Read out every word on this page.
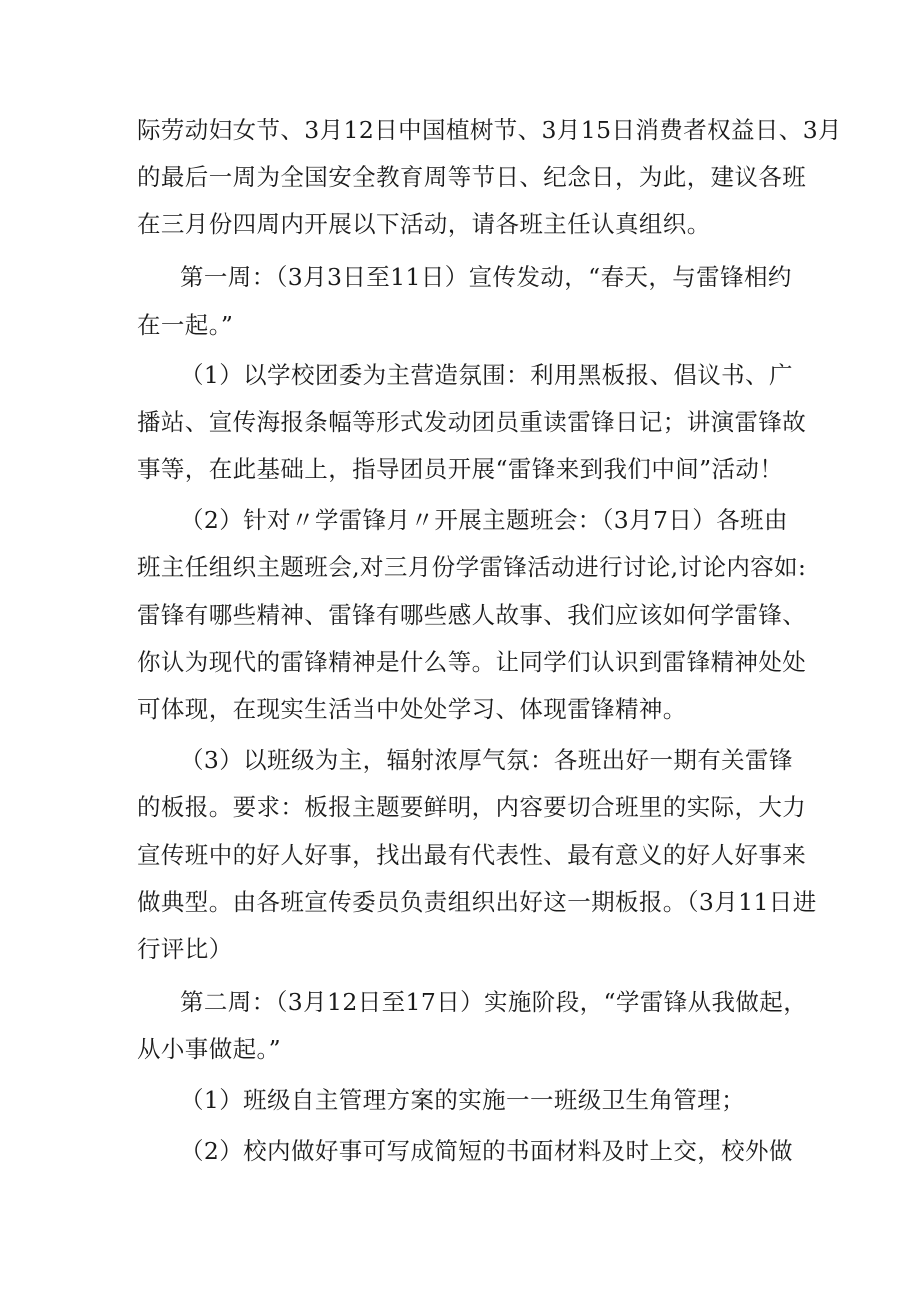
际劳动妇女节、3月12日中国植树节、3月15日消费者权益日、3月
的最后一周为全国安全教育周等节日、纪念日，为此，建议各班
在三月份四周内开展以下活动，请各班主任认真组织。
第一周：（3月3日至11日）宣传发动，“春天，与雷锋相约
在一起。”
（1）以学校团委为主营造氛围：利用黑板报、倡议书、广
播站、宣传海报条幅等形式发动团员重读雷锋日记；讲演雷锋故
事等，在此基础上，指导团员开展“雷锋来到我们中间”活动！
（2）针对〃学雷锋月〃开展主题班会：（3月7日）各班由
班主任组织主题班会,对三月份学雷锋活动进行讨论,讨论内容如:
雷锋有哪些精神、雷锋有哪些感人故事、我们应该如何学雷锋、
你认为现代的雷锋精神是什么等。让同学们认识到雷锋精神处处
可体现，在现实生活当中处处学习、体现雷锋精神。
（3）以班级为主，辐射浓厚气氛：各班出好一期有关雷锋
的板报。要求：板报主题要鲜明，内容要切合班里的实际，大力
宣传班中的好人好事，找出最有代表性、最有意义的好人好事来
做典型。由各班宣传委员负责组织出好这一期板报。（3月11日进
行评比）
第二周：（3月12日至17日）实施阶段，“学雷锋从我做起，
从小事做起。”
（1）班级自主管理方案的实施一一班级卫生角管理；
（2）校内做好事可写成简短的书面材料及时上交，校外做
